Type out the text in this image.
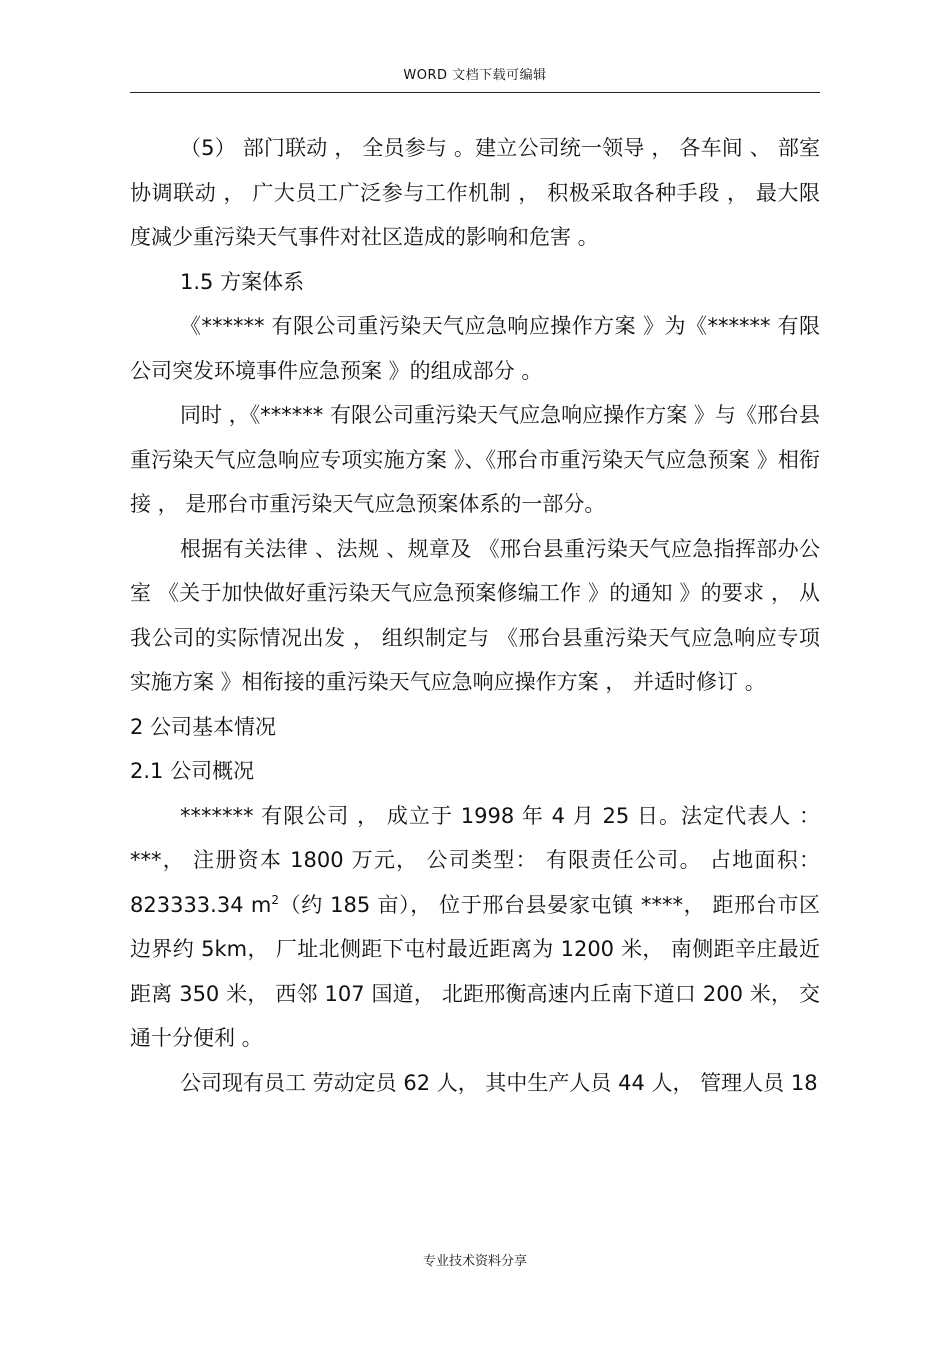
WORD 文档下载可编辑

（5） 部门联动 ， 全员参与 。建立公司统一领导 ， 各车间 、 部室协调联动 ， 广大员工广泛参与工作机制 ， 积极采取各种手段 ， 最大限度减少重污染天气事件对社区造成的影响和危害 。

1.5 方案体系

《****** 有限公司重污染天气应急响应操作方案 》为《****** 有限公司突发环境事件应急预案 》的组成部分 。

同时 ，《****** 有限公司重污染天气应急响应操作方案 》与《邢台县重污染天气应急响应专项实施方案 》、《邢台市重污染天气应急预案 》相衔接 ， 是邢台市重污染天气应急预案体系的一部分。

根据有关法律 、法规 、规章及 《邢台县重污染天气应急指挥部办公室 《关于加快做好重污染天气应急预案修编工作 》的通知 》的要求 ， 从我公司的实际情况出发 ， 组织制定与 《邢台县重污染天气应急响应专项实施方案 》相衔接的重污染天气应急响应操作方案 ， 并适时修订 。

2 公司基本情况

2.1 公司概况

******* 有限公司 ， 成立于 1998 年 4 月 25 日。法定代表人 ：***， 注册资本 1800 万元， 公司类型： 有限责任公司。 占地面积： 823333.34 $m^2$（约 185 亩）， 位于邢台县晏家屯镇 ****， 距邢台市区边界约 5km， 厂址北侧距下屯村最近距离为 1200 米， 南侧距辛庄最近距离 350 米， 西邻 107 国道， 北距邢衡高速内丘南下道口 200 米， 交通十分便利 。

公司现有员工 劳动定员 62 人， 其中生产人员 44 人， 管理人员 18

专业技术资料分享
